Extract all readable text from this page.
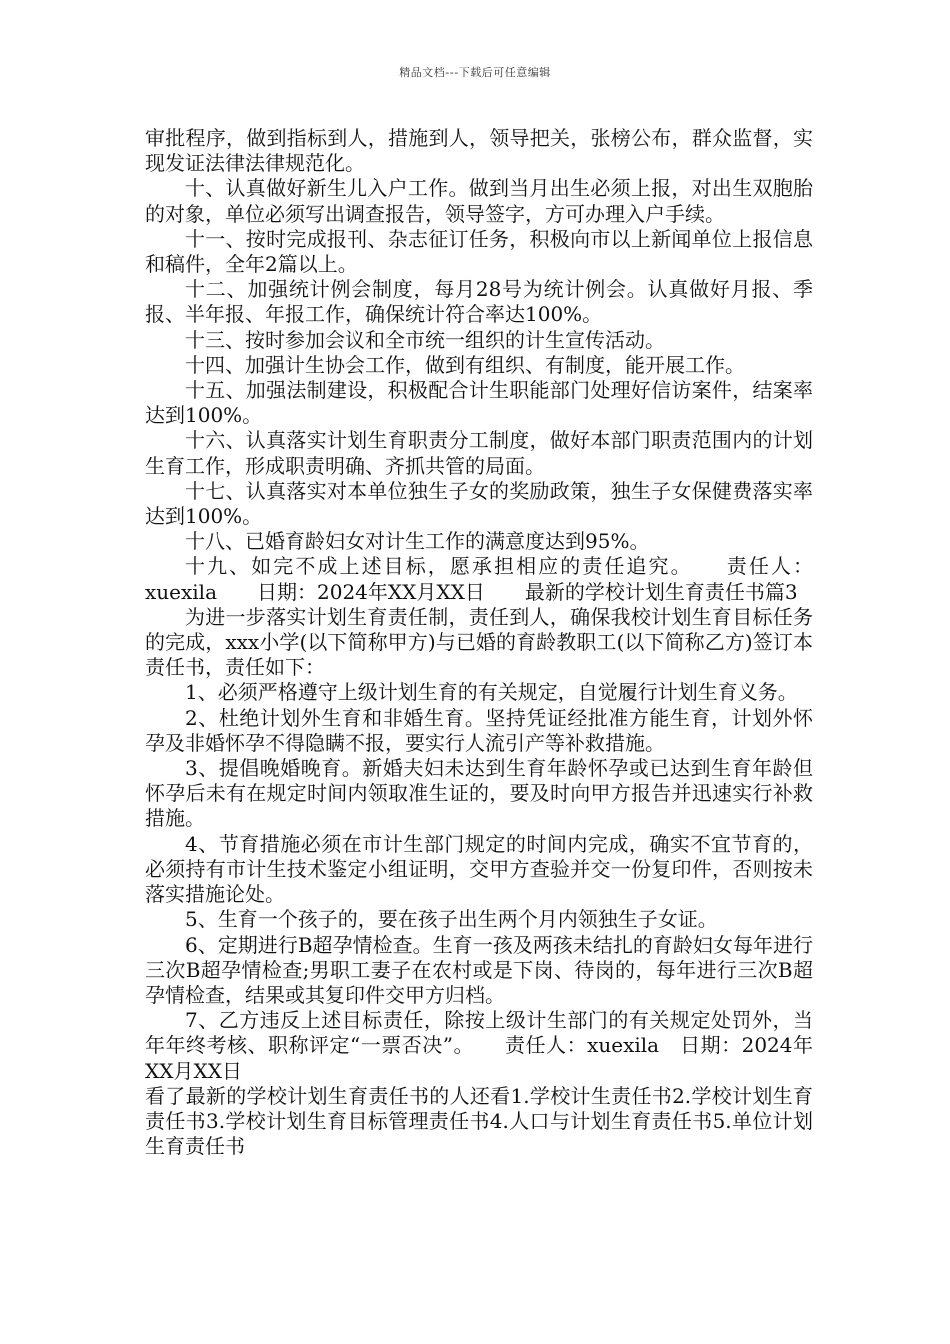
精品文档---下载后可任意编辑

审批程序，做到指标到人，措施到人，领导把关，张榜公布，群众监督，实现发证法律法律规范化。

十、认真做好新生儿入户工作。做到当月出生必须上报，对出生双胞胎的对象，单位必须写出调查报告，领导签字，方可办理入户手续。

十一、按时完成报刊、杂志征订任务，积极向市以上新闻单位上报信息和稿件，全年2篇以上。

十二、加强统计例会制度，每月28号为统计例会。认真做好月报、季报、半年报、年报工作，确保统计符合率达100%。

十三、按时参加会议和全市统一组织的计生宣传活动。

十四、加强计生协会工作，做到有组织、有制度，能开展工作。

十五、加强法制建设，积极配合计生职能部门处理好信访案件，结案率达到100%。

十六、认真落实计划生育职责分工制度，做好本部门职责范围内的计划生育工作，形成职责明确、齐抓共管的局面。

十七、认真落实对本单位独生子女的奖励政策，独生子女保健费落实率达到100%。

十八、已婚育龄妇女对计生工作的满意度达到95%。

十九、如完不成上述目标，愿承担相应的责任追究。　　责任人：xuexila　　日期：2024年XX月XX日　　最新的学校计划生育责任书篇3

为进一步落实计划生育责任制，责任到人，确保我校计划生育目标任务的完成，xxx小学(以下简称甲方)与已婚的育龄教职工(以下简称乙方)签订本责任书，责任如下：

1、必须严格遵守上级计划生育的有关规定，自觉履行计划生育义务。

2、杜绝计划外生育和非婚生育。坚持凭证经批准方能生育，计划外怀孕及非婚怀孕不得隐瞒不报，要实行人流引产等补救措施。

3、提倡晚婚晚育。新婚夫妇未达到生育年龄怀孕或已达到生育年龄但怀孕后未有在规定时间内领取准生证的，要及时向甲方报告并迅速实行补救措施。

4、节育措施必须在市计生部门规定的时间内完成，确实不宜节育的，必须持有市计生技术鉴定小组证明，交甲方查验并交一份复印件，否则按未落实措施论处。

5、生育一个孩子的，要在孩子出生两个月内领独生子女证。

6、定期进行B超孕情检查。生育一孩及两孩未结扎的育龄妇女每年进行三次B超孕情检查;男职工妻子在农村或是下岗、待岗的，每年进行三次B超孕情检查，结果或其复印件交甲方归档。

7、乙方违反上述目标责任，除按上级计生部门的有关规定处罚外，当年年终考核、职称评定“一票否决”。　　责任人：xuexila　日期：2024年XX月XX日

看了最新的学校计划生育责任书的人还看1.学校计生责任书2.学校计划生育责任书3.学校计划生育目标管理责任书4.人口与计划生育责任书5.单位计划生育责任书
